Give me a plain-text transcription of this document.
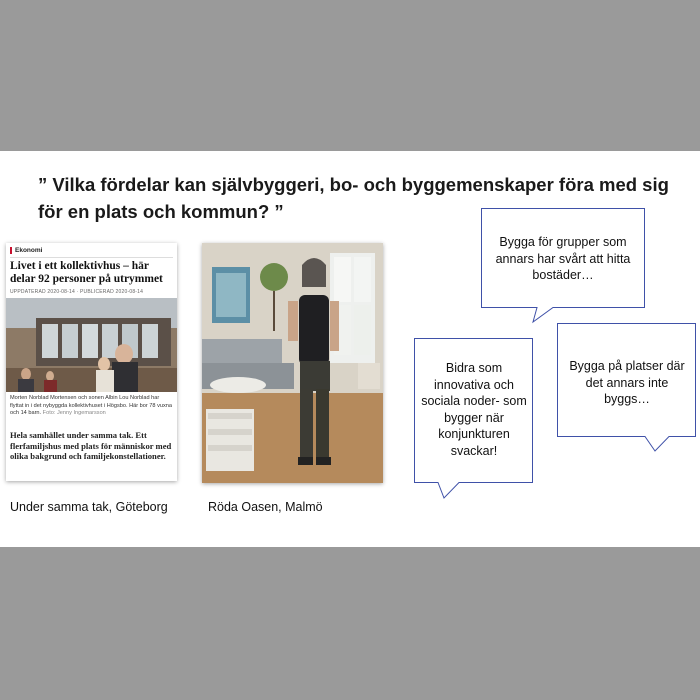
” Vilka fördelar kan självbyggeri, bo- och byggemenskaper föra med sig för en plats och kommun? ”
Ekonomi
Livet i ett kollektivhus – här delar 92 personer på utrymmet
UPPDATERAD 2020-08-14 · PUBLICERAD 2020-08-14
Morten Norblad Mortensen och sonen Albin Lou Norblad har flyttat in i det nybyggda kollektivhuset i Högsbo. Här bor 78 vuxna och 14 barn. Foto: Jenny Ingemarsson
Hela samhället under samma tak. Ett flerfamiljshus med plats för människor med olika bakgrund och familjekonstellationer.
Under samma tak, Göteborg	Röda Oasen, Malmö
Bygga för grupper som annars har svårt att hitta bostäder…
Bygga på platser där det annars inte byggs…
Bidra som innovativa och sociala noder- som bygger när konjunkturen svackar!
